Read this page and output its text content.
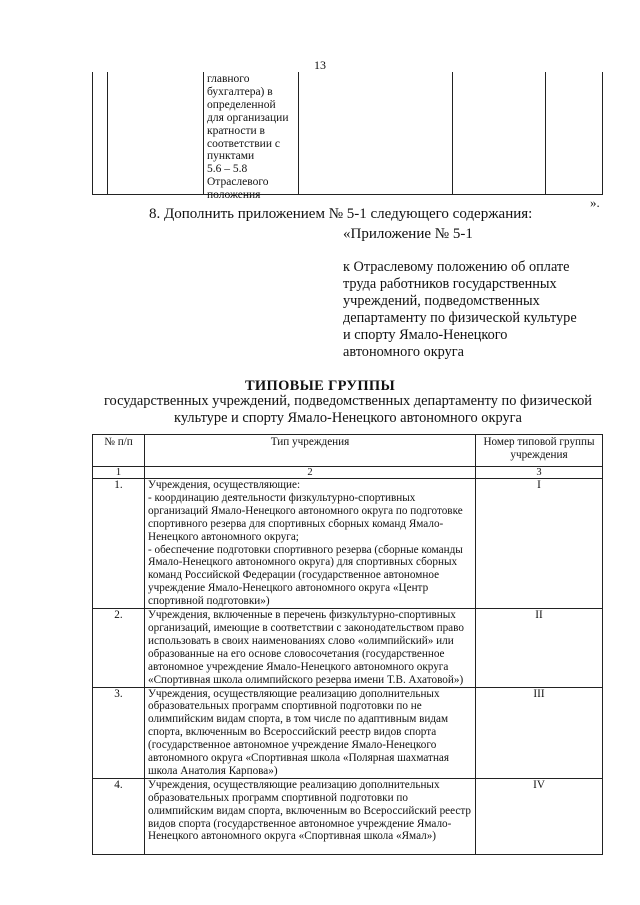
13
главного
бухгалтера) в
определенной
для организации
кратности в
соответствии с
пунктами
5.6 – 5.8
Отраслевого
положения	».
8. Дополнить приложением № 5-1 следующего содержания:
«Приложение № 5-1
к Отраслевому положению об оплате
труда работников государственных
учреждений, подведомственных
департаменту по физической культуре
и спорту Ямало-Ненецкого
автономного округа
ТИПОВЫЕ ГРУППЫ
государственных учреждений, подведомственных департаменту по физической культуре и спорту Ямало-Ненецкого автономного округа
№ п/п	Тип учреждения	Номер типовой группы учреждения
1	2	3
1.	Учреждения, осуществляющие:
- координацию деятельности физкультурно-спортивных организаций Ямало-Ненецкого автономного округа по подготовке спортивного резерва для спортивных сборных команд Ямало-Ненецкого автономного округа;
- обеспечение подготовки спортивного резерва (сборные команды Ямало-Ненецкого автономного округа) для спортивных сборных команд Российской Федерации (государственное автономное учреждение Ямало-Ненецкого автономного округа «Центр спортивной подготовки»)	I
2.	Учреждения, включенные в перечень физкультурно-спортивных организаций, имеющие в соответствии с законодательством право использовать в своих наименованиях слово «олимпийский» или образованные на его основе словосочетания (государственное автономное учреждение Ямало-Ненецкого автономного округа «Спортивная школа олимпийского резерва имени Т.В. Ахатовой»)	II
3.	Учреждения, осуществляющие реализацию дополнительных образовательных программ спортивной подготовки по не олимпийским видам спорта, в том числе по адаптивным видам спорта, включенным во Всероссийский реестр видов спорта (государственное автономное учреждение Ямало-Ненецкого автономного округа «Спортивная школа «Полярная шахматная школа Анатолия Карпова»)	III
4.	Учреждения, осуществляющие реализацию дополнительных образовательных программ спортивной подготовки по олимпийским видам спорта, включенным во Всероссийский реестр видов спорта (государственное автономное учреждение Ямало-Ненецкого автономного округа «Спортивная школа «Ямал»)	IV
